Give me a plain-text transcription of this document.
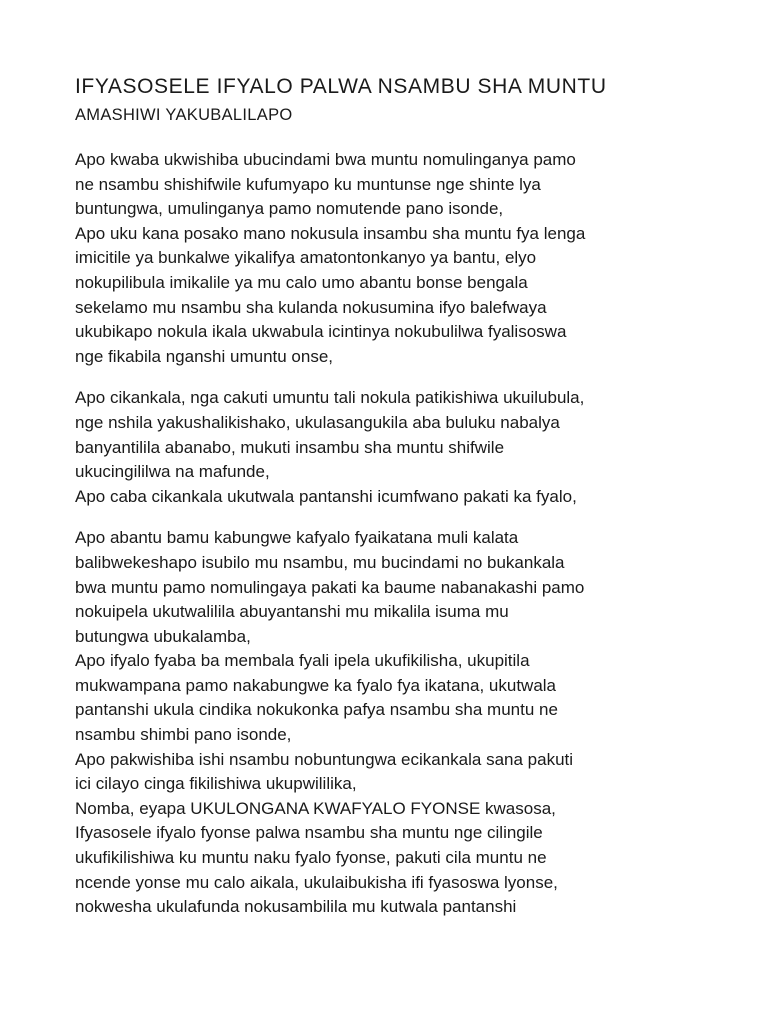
IFYASOSELE IFYALO PALWA NSAMBU SHA MUNTU
AMASHIWI YAKUBALILAPO
Apo kwaba ukwishiba ubucindami bwa muntu nomulinganya pamo
ne nsambu shishifwile kufumyapo ku muntunse nge shinte lya
buntungwa, umulinganya pamo nomutende pano isonde,
Apo uku kana posako mano nokusula insambu sha muntu fya lenga
imicitile ya bunkalwe yikalifya amatontonkanyo ya bantu, elyo
nokupilibula imikalile ya mu calo umo abantu bonse bengala
sekelamo mu nsambu sha kulanda nokusumina ifyo balefwaya
ukubikapo nokula ikala ukwabula icintinya nokubulilwa fyalisoswa
nge fikabila nganshi umuntu onse,
Apo cikankala, nga cakuti umuntu tali nokula patikishiwa ukuilubula,
nge nshila yakushalikishako, ukulasangukila aba buluku nabalya
banyantilila abanabo, mukuti insambu sha muntu shifwile
ukucingililwa na mafunde,
Apo caba cikankala ukutwala pantanshi icumfwano pakati ka fyalo,
Apo abantu bamu kabungwe kafyalo fyaikatana muli kalata
balibwekeshapo isubilo mu nsambu, mu bucindami no bukankala
bwa muntu pamo nomulingaya pakati ka baume nabanakashi pamo
nokuipela ukutwalilila abuyantanshi mu mikalila isuma mu
butungwa ubukalamba,
Apo ifyalo fyaba ba membala fyali ipela ukufikilisha, ukupitila
mukwampana pamo nakabungwe ka fyalo fya ikatana, ukutwala
pantanshi ukula cindika nokukonka pafya nsambu sha muntu ne
nsambu shimbi pano isonde,
Apo pakwishiba ishi nsambu nobuntungwa ecikankala sana pakuti
ici cilayo cinga fikilishiwa ukupwililika,
Nomba, eyapa UKULONGANA KWAFYALO FYONSE kwasosa,
Ifyasosele ifyalo fyonse palwa nsambu sha muntu nge cilingile
ukufikilishiwa ku muntu naku fyalo fyonse, pakuti cila muntu ne
ncende yonse mu calo aikala, ukulaibukisha ifi fyasoswa lyonse,
nokwesha ukulafunda nokusambilila mu kutwala pantanshi
